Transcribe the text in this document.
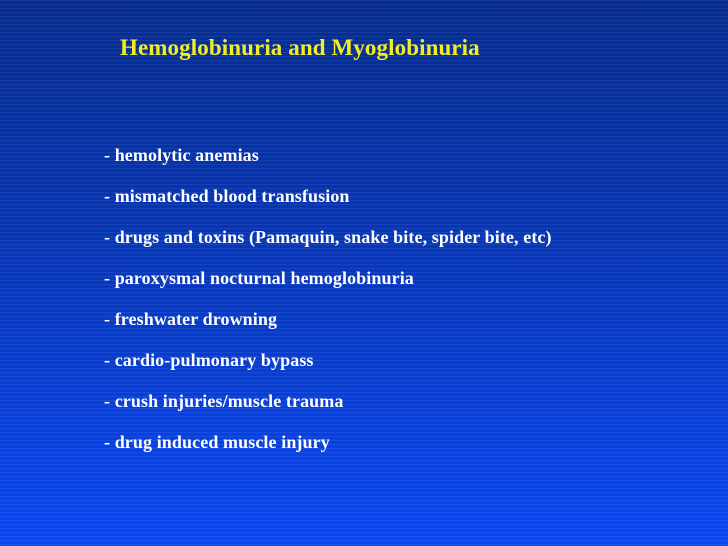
Hemoglobinuria and Myoglobinuria
- hemolytic anemias
- mismatched blood transfusion
- drugs and toxins (Pamaquin, snake bite, spider bite, etc)
- paroxysmal nocturnal hemoglobinuria
- freshwater drowning
- cardio-pulmonary bypass
- crush injuries/muscle trauma
- drug induced muscle injury
